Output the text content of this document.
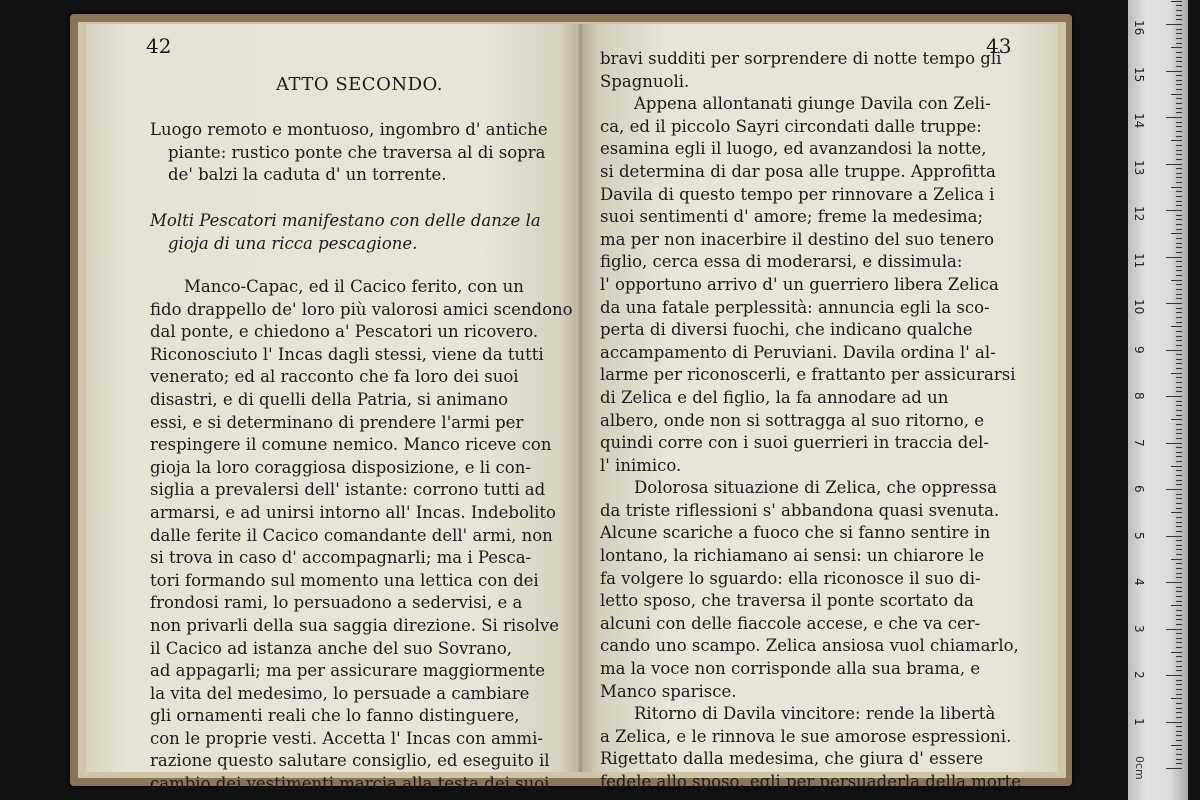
42
ATTO SECONDO.
Luogo remoto e montuoso, ingombro d' antiche
piante: rustico ponte che traversa al di sopra
de' balzi la caduta d' un torrente.
Molti Pescatori manifestano con delle danze la
gioja di una ricca pescagione.
Manco-Capac, ed il Cacico ferito, con un
fido drappello de' loro più valorosi amici scendono
dal ponte, e chiedono a' Pescatori un ricovero.
Riconosciuto l' Incas dagli stessi, viene da tutti
venerato; ed al racconto che fa loro dei suoi
disastri, e di quelli della Patria, si animano
essi, e si determinano di prendere l'armi per
respingere il comune nemico. Manco riceve con
gioja la loro coraggiosa disposizione, e li con-
siglia a prevalersi dell' istante: corrono tutti ad
armarsi, e ad unirsi intorno all' Incas. Indebolito
dalle ferite il Cacico comandante dell' armi, non
si trova in caso d' accompagnarli; ma i Pesca-
tori formando sul momento una lettica con dei
frondosi rami, lo persuadono a sedervisi, e a
non privarli della sua saggia direzione. Si risolve
il Cacico ad istanza anche del suo Sovrano,
ad appagarli; ma per assicurare maggiormente
la vita del medesimo, lo persuade a cambiare
gli ornamenti reali che lo fanno distinguere,
con le proprie vesti. Accetta l' Incas con ammi-
razione questo salutare consiglio, ed eseguito il
cambio dei vestimenti marcia alla testa dei suoi
43
bravi sudditi per sorprendere di notte tempo gli
Spagnuoli.
Appena allontanati giunge Davila con Zeli-
ca, ed il piccolo Sayri circondati dalle truppe:
esamina egli il luogo, ed avanzandosi la notte,
si determina di dar posa alle truppe. Approfitta
Davila di questo tempo per rinnovare a Zelica i
suoi sentimenti d' amore; freme la medesima;
ma per non inacerbire il destino del suo tenero
figlio, cerca essa di moderarsi, e dissimula:
l' opportuno arrivo d' un guerriero libera Zelica
da una fatale perplessità: annuncia egli la sco-
perta di diversi fuochi, che indicano qualche
accampamento di Peruviani. Davila ordina l' al-
larme per riconoscerli, e frattanto per assicurarsi
di Zelica e del figlio, la fa annodare ad un
albero, onde non si sottragga al suo ritorno, e
quindi corre con i suoi guerrieri in traccia del-
l' inimico.
Dolorosa situazione di Zelica, che oppressa
da triste riflessioni s' abbandona quasi svenuta.
Alcune scariche a fuoco che si fanno sentire in
lontano, la richiamano ai sensi: un chiarore le
fa volgere lo sguardo: ella riconosce il suo di-
letto sposo, che traversa il ponte scortato da
alcuni con delle fiaccole accese, e che va cer-
cando uno scampo. Zelica ansiosa vuol chiamarlo,
ma la voce non corrisponde alla sua brama, e
Manco sparisce.
Ritorno di Davila vincitore: rende la libertà
a Zelica, e le rinnova le sue amorose espressioni.
Rigettato dalla medesima, che giura d' essere
fedele allo sposo, egli per persuaderla della morte
0cm
1
2
3
4
5
6
7
8
9
10
11
12
13
14
15
16
